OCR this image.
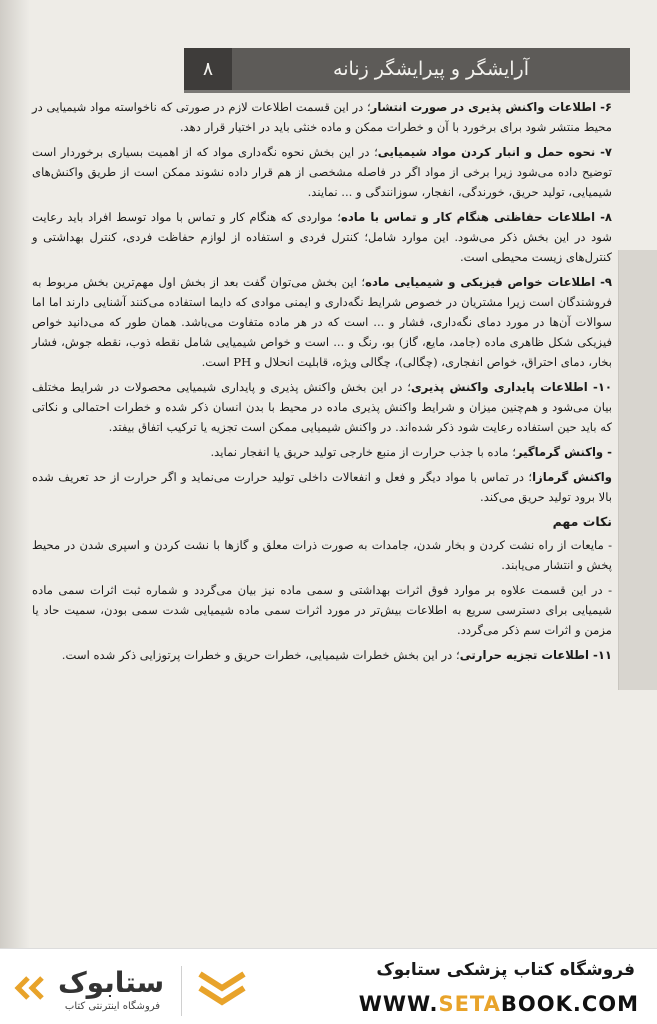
آرایشگر و پیرایشگر زنانه
۸

۶- اطلاعات واکنش پذیری در صورت انتشار؛ در این قسمت اطلاعات لازم در صورتی که ناخواسته مواد شیمیایی در محیط منتشر شود برای برخورد با آن و خطرات ممکن و ماده خنثی باید در اختیار قرار دهد.

۷- نحوه حمل و انبار کردن مواد شیمیایی؛ در این بخش نحوه نگه‌داری مواد که از اهمیت بسیاری برخوردار است توضیح داده می‌شود زیرا برخی از مواد اگر در فاصله مشخصی از هم قرار داده نشوند ممکن است از طریق واکنش‌های شیمیایی، تولید حریق، خورندگی، انفجار، سوزانندگی و ... نمایند.

۸- اطلاعات حفاظتی هنگام کار و تماس با ماده؛ مواردی که هنگام کار و تماس با مواد توسط افراد باید رعایت شود در این بخش ذکر می‌شود. این موارد شامل؛ کنترل فردی و استفاده از لوازم حفاظت فردی، کنترل بهداشتی و کنترل‌های زیست محیطی است.

۹- اطلاعات خواص فیزیکی و شیمیایی ماده؛ این بخش می‌توان گفت بعد از بخش اول مهم‌ترین بخش مربوط به فروشندگان است زیرا مشتریان در خصوص شرایط نگه‌داری و ایمنی موادی که دایما استفاده می‌کنند آشنایی دارند اما اما سوالات آن‌ها در مورد دمای نگه‌داری، فشار و ... است که در هر ماده متفاوت می‌باشد. همان طور که می‌دانید خواص فیزیکی شکل ظاهری ماده (جامد، مایع، گاز) بو، رنگ و ... است و خواص شیمیایی شامل نقطه ذوب، نقطه جوش، فشار بخار، دمای احتراق، خواص انفجاری، (چگالی)، چگالی ویژه، قابلیت انحلال و PH است.

۱۰- اطلاعات پایداری واکنش پذیری؛ در این بخش واکنش پذیری و پایداری شیمیایی محصولات در شرایط مختلف بیان می‌شود و هم‌چنین میزان و شرایط واکنش پذیری ماده در محیط با بدن انسان ذکر شده و خطرات احتمالی و نکاتی که باید حین استفاده رعایت شود ذکر شده‌اند. در واکنش شیمیایی ممکن است تجزیه یا ترکیب اتفاق بیفتد.

- واکنش گرماگیر؛ ماده با جذب حرارت از منبع خارجی تولید حریق یا انفجار نماید.

واکنش گرمازا؛ در تماس با مواد دیگر و فعل و انفعالات داخلی تولید حرارت می‌نماید و اگر حرارت از حد تعریف شده بالا برود تولید حریق می‌کند.

نکات مهم

- مایعات از راه نشت کردن و بخار شدن، جامدات به صورت ذرات معلق و گازها با نشت کردن و اسپری شدن در محیط پخش و انتشار می‌یابند.

- در این قسمت علاوه بر موارد فوق اثرات بهداشتی و سمی ماده نیز بیان می‌گردد و شماره ثبت اثرات سمی ماده شیمیایی برای دسترسی سریع به اطلاعات بیش‌تر در مورد اثرات سمی ماده شیمیایی شدت سمی بودن، سمیت حاد یا مزمن و اثرات سم ذکر می‌گردد.

۱۱- اطلاعات تجزیه حرارتی؛ در این بخش خطرات شیمیایی، خطرات حریق و خطرات پرتوزایی ذکر شده است.

ستابوک
فروشگاه اینترنتی کتاب
فروشگاه کتاب پزشکی ستابوک
WWW.SETABOOK.COM
